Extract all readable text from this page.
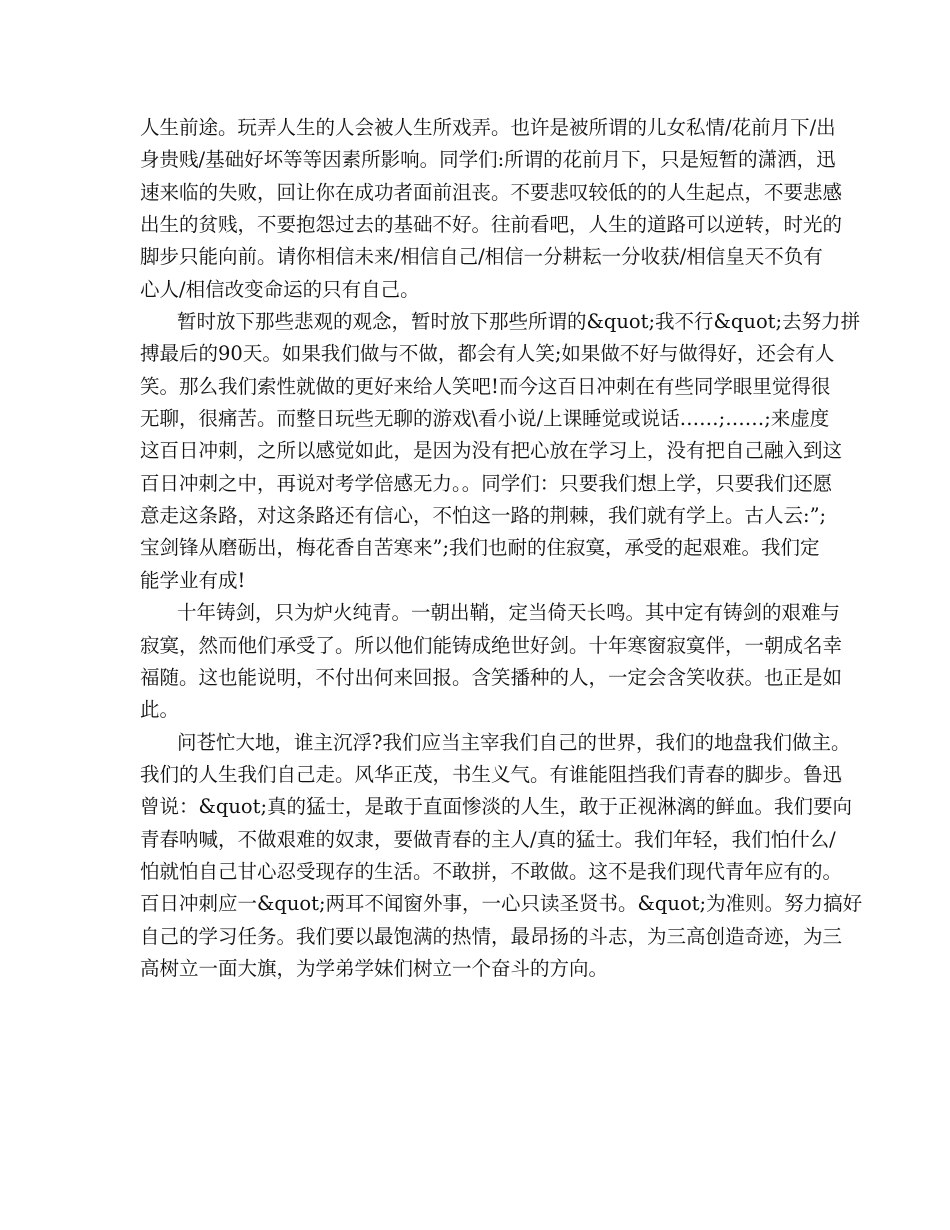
人生前途。玩弄人生的人会被人生所戏弄。也许是被所谓的儿女私情/花前月下/出
身贵贱/基础好坏等等因素所影响。同学们:所谓的花前月下，只是短暂的潇洒，迅
速来临的失败，回让你在成功者面前沮丧。不要悲叹较低的的人生起点，不要悲感
出生的贫贱，不要抱怨过去的基础不好。往前看吧，人生的道路可以逆转，时光的
脚步只能向前。请你相信未来/相信自己/相信一分耕耘一分收获/相信皇天不负有
心人/相信改变命运的只有自己。
暂时放下那些悲观的观念，暂时放下那些所谓的&quot;我不行&quot;去努力拼
搏最后的90天。如果我们做与不做，都会有人笑;如果做不好与做得好，还会有人
笑。那么我们索性就做的更好来给人笑吧!而今这百日冲刺在有些同学眼里觉得很
无聊，很痛苦。而整日玩些无聊的游戏\看小说/上课睡觉或说话……;……;来虚度
这百日冲刺，之所以感觉如此，是因为没有把心放在学习上，没有把自己融入到这
百日冲刺之中，再说对考学倍感无力。。同学们：只要我们想上学，只要我们还愿
意走这条路，对这条路还有信心，不怕这一路的荆棘，我们就有学上。古人云:”;
宝剑锋从磨砺出，梅花香自苦寒来”;我们也耐的住寂寞，承受的起艰难。我们定
能学业有成!
十年铸剑，只为炉火纯青。一朝出鞘，定当倚天长鸣。其中定有铸剑的艰难与
寂寞，然而他们承受了。所以他们能铸成绝世好剑。十年寒窗寂寞伴，一朝成名幸
福随。这也能说明，不付出何来回报。含笑播种的人，一定会含笑收获。也正是如
此。
问苍忙大地，谁主沉浮?我们应当主宰我们自己的世界，我们的地盘我们做主。
我们的人生我们自己走。风华正茂，书生义气。有谁能阻挡我们青春的脚步。鲁迅
曾说：&quot;真的猛士，是敢于直面惨淡的人生，敢于正视淋漓的鲜血。我们要向
青春呐喊，不做艰难的奴隶，要做青春的主人/真的猛士。我们年轻，我们怕什么/
怕就怕自己甘心忍受现存的生活。不敢拼，不敢做。这不是我们现代青年应有的。
百日冲刺应一&quot;两耳不闻窗外事，一心只读圣贤书。&quot;为准则。努力搞好
自己的学习任务。我们要以最饱满的热情，最昂扬的斗志，为三高创造奇迹，为三
高树立一面大旗，为学弟学妹们树立一个奋斗的方向。
